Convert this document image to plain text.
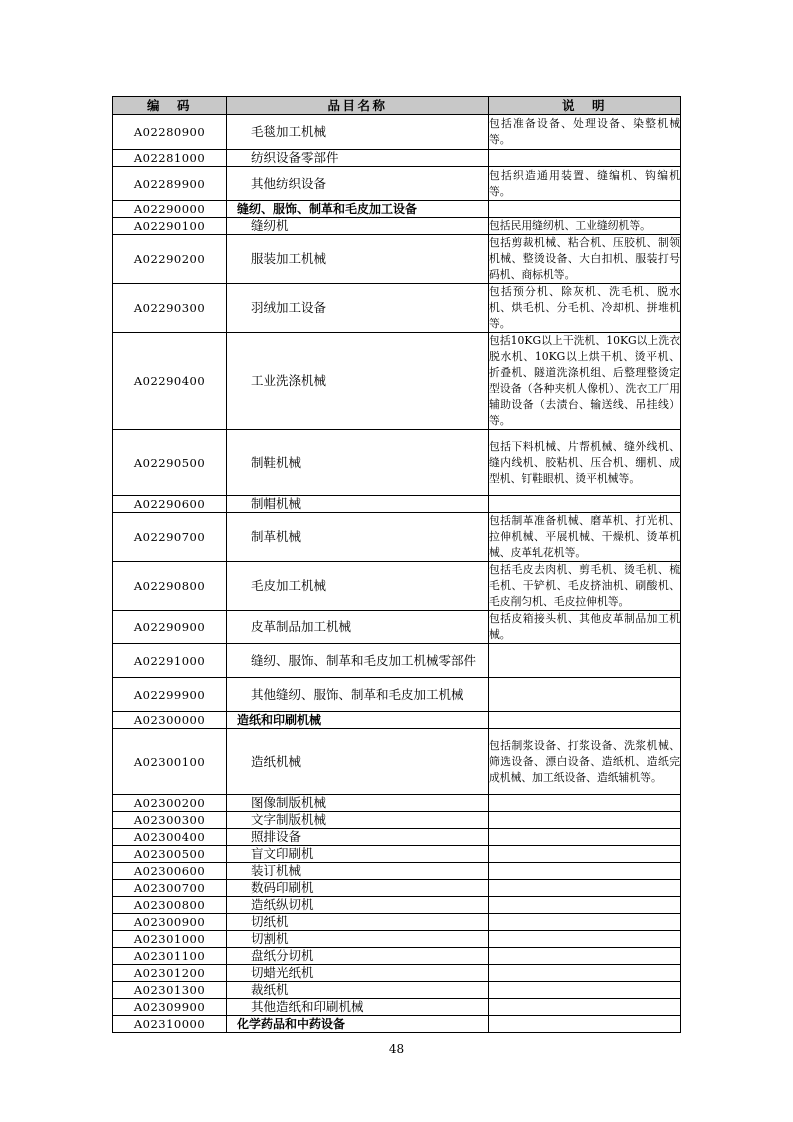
编　码	品目名称	说　明
A02280900	毛毯加工机械	包括准备设备、处理设备、染整机械等。
A02281000	纺织设备零部件	

A02289900	其他纺织设备	包括织造通用装置、缝编机、钩编机等。
A02290000	缝纫、服饰、制革和毛皮加工设备	

A02290100	缝纫机	包括民用缝纫机、工业缝纫机等。
A02290200	服装加工机械	包括剪裁机械、粘合机、压胶机、制领机械、整烫设备、大白扣机、服装打号码机、商标机等。
A02290300	羽绒加工设备	包括预分机、除灰机、洗毛机、脱水机、烘毛机、分毛机、冷却机、拼堆机等。
A02290400	工业洗涤机械	包括10KG以上干洗机、10KG以上洗衣脱水机、10KG以上烘干机、烫平机、折叠机、隧道洗涤机组、后整理整烫定型设备（各种夹机人像机）、洗衣工厂用辅助设备（去渍台、输送线、吊挂线）等。
A02290500	制鞋机械	包括下料机械、片帮机械、缝外线机、缝内线机、胶粘机、压合机、绷机、成型机、钉鞋眼机、烫平机械等。
A02290600	制帽机械	

A02290700	制革机械	包括制革准备机械、磨革机、打光机、拉伸机械、平展机械、干燥机、烫革机械、皮革轧花机等。
A02290800	毛皮加工机械	包括毛皮去肉机、剪毛机、烫毛机、梳毛机、干铲机、毛皮挤油机、刷酸机、毛皮削匀机、毛皮拉伸机等。
A02290900	皮革制品加工机械	包括皮箱接头机、其他皮革制品加工机械。
A02291000	缝纫、服饰、制革和毛皮加工机械零部件	

A02299900	其他缝纫、服饰、制革和毛皮加工机械	

A02300000	造纸和印刷机械	

A02300100	造纸机械	包括制浆设备、打浆设备、洗浆机械、筛选设备、漂白设备、造纸机、造纸完成机械、加工纸设备、造纸辅机等。
A02300200	图像制版机械	

A02300300	文字制版机械	

A02300400	照排设备	

A02300500	盲文印刷机	

A02300600	装订机械	

A02300700	数码印刷机	

A02300800	造纸纵切机	

A02300900	切纸机	

A02301000	切割机	

A02301100	盘纸分切机	

A02301200	切蜡光纸机	

A02301300	裁纸机	

A02309900	其他造纸和印刷机械	

A02310000	化学药品和中药设备	

48
